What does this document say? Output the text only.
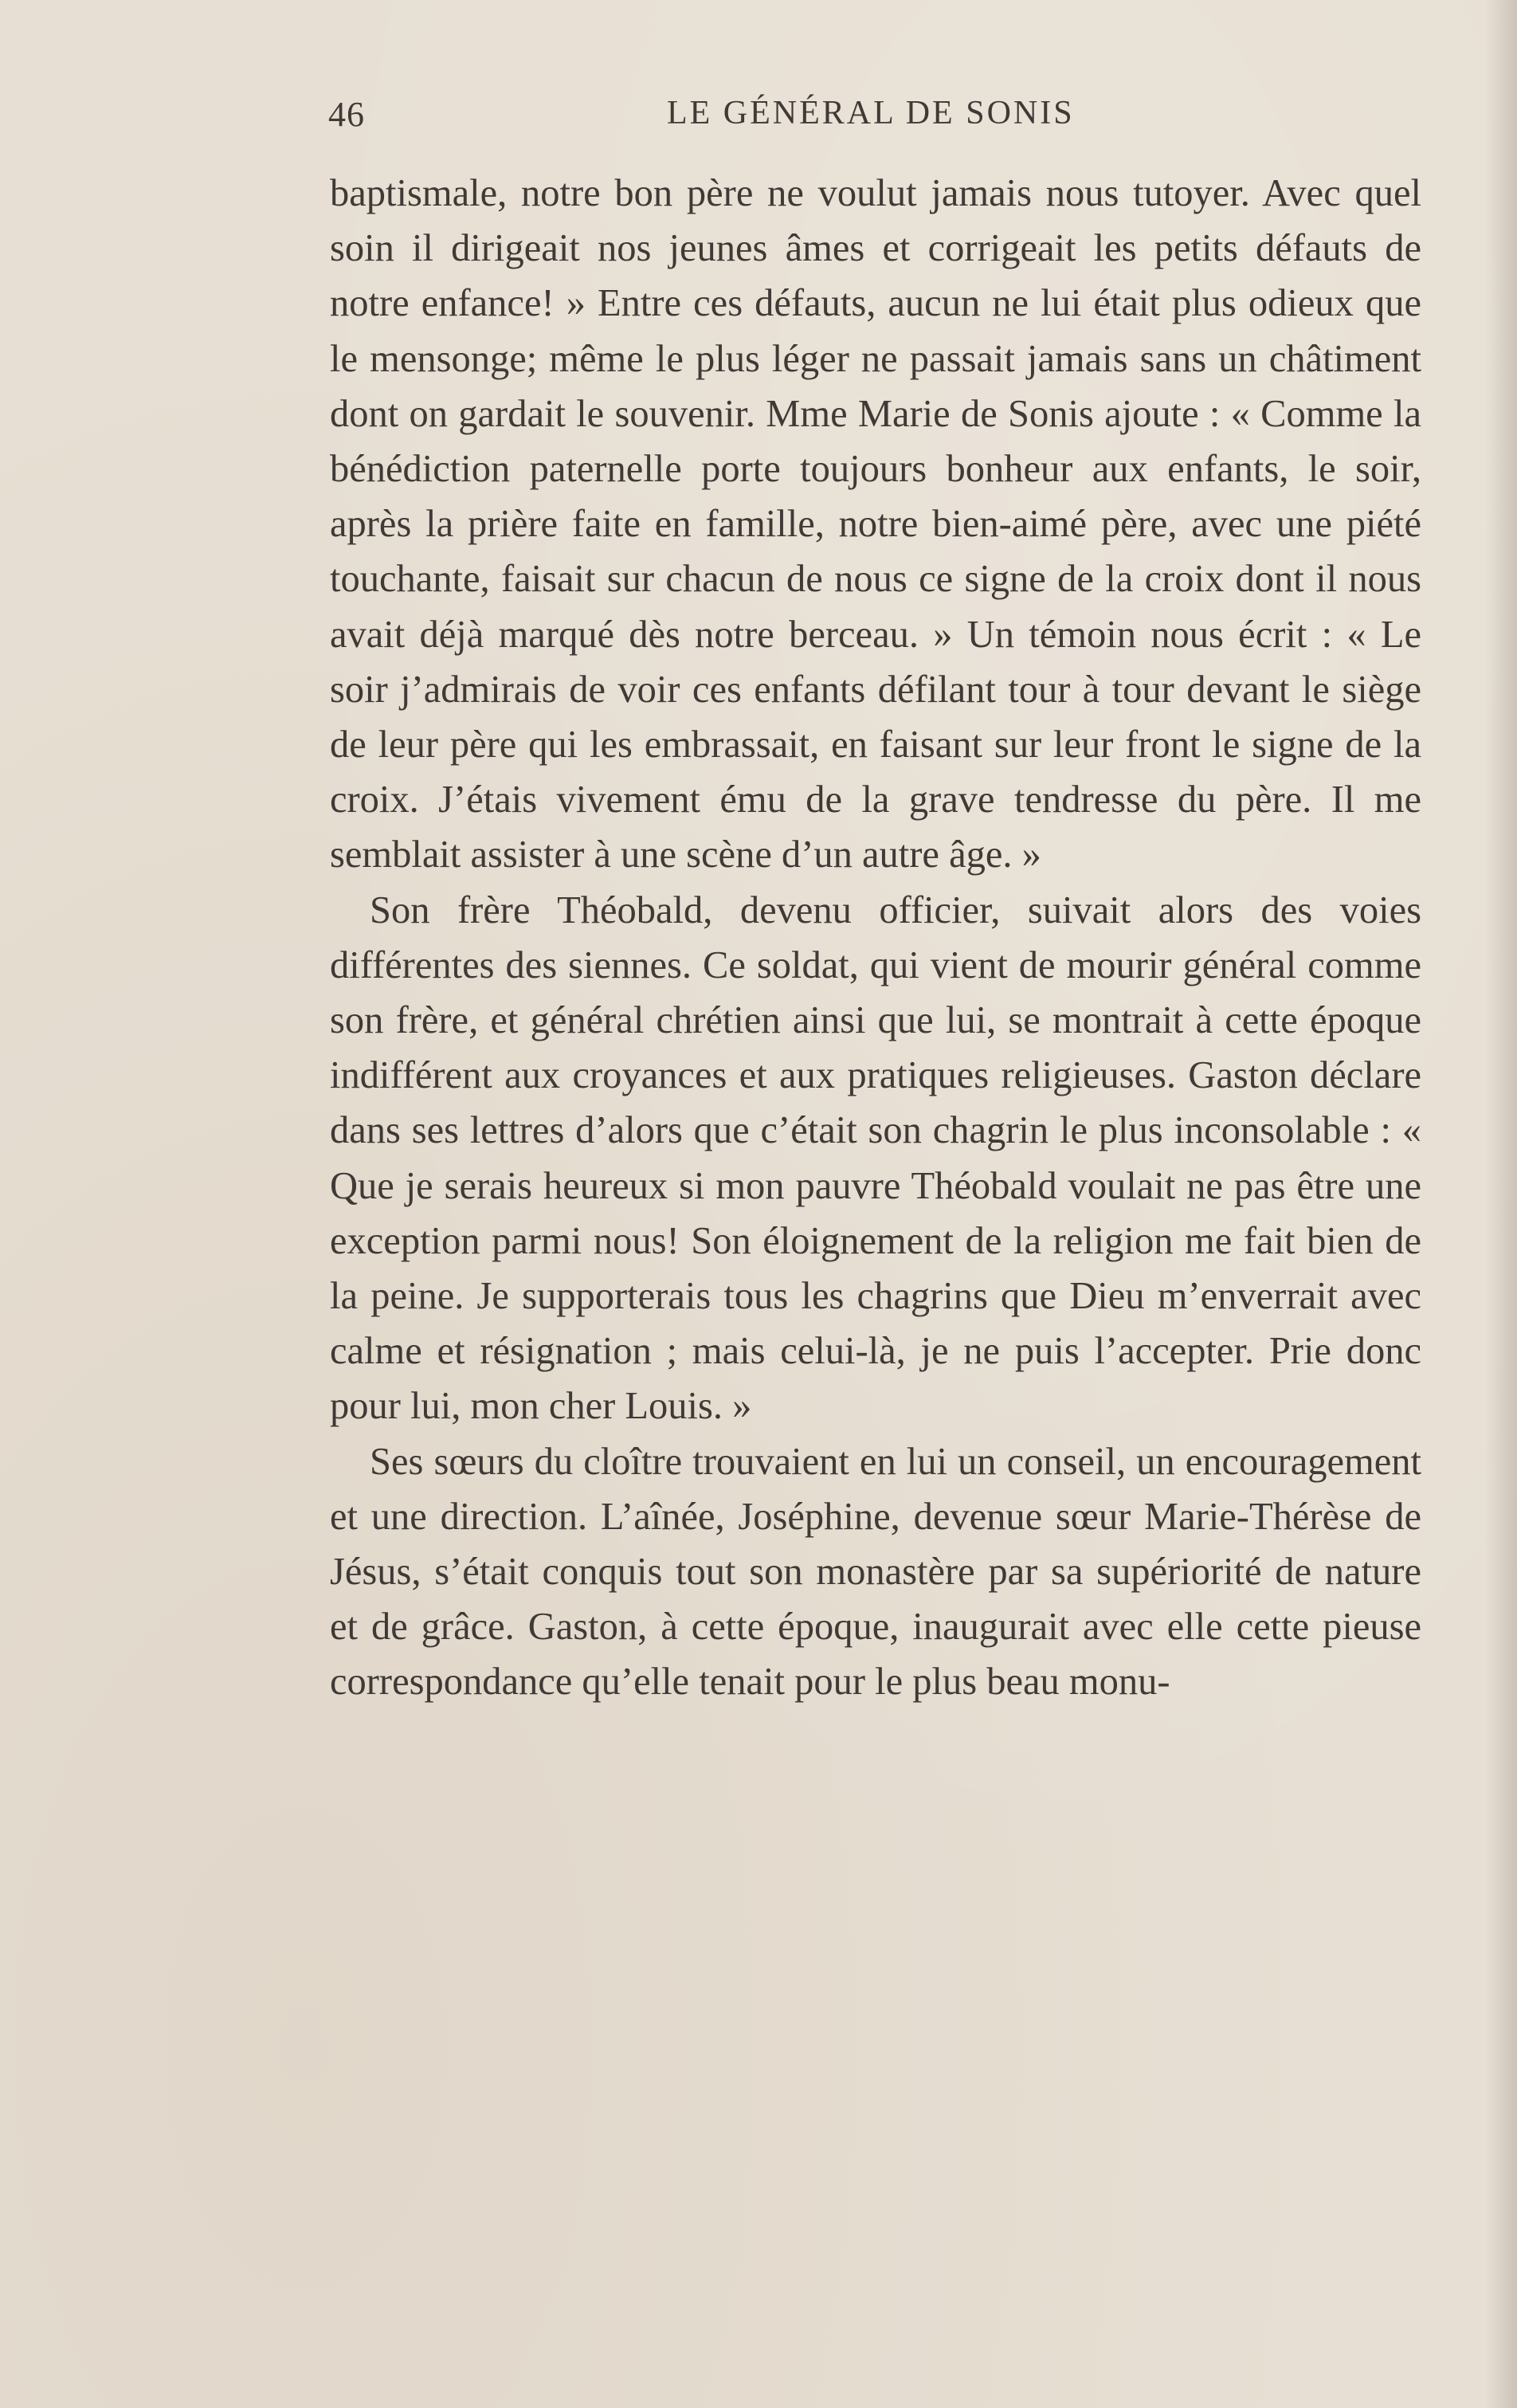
46	LE GÉNÉRAL DE SONIS

baptismale, notre bon père ne voulut jamais nous tutoyer. Avec quel soin il dirigeait nos jeunes âmes et corrigeait les petits défauts de notre enfance! » Entre ces défauts, aucun ne lui était plus odieux que le mensonge; même le plus léger ne passait jamais sans un châtiment dont on gardait le souvenir. Mme Marie de Sonis ajoute : « Comme la bénédiction paternelle porte toujours bonheur aux enfants, le soir, après la prière faite en famille, notre bien-aimé père, avec une piété touchante, faisait sur chacun de nous ce signe de la croix dont il nous avait déjà marqué dès notre berceau. » Un témoin nous écrit : « Le soir j’admirais de voir ces enfants défilant tour à tour devant le siège de leur père qui les embrassait, en faisant sur leur front le signe de la croix. J’étais vivement ému de la grave tendresse du père. Il me semblait assister à une scène d’un autre âge. »

Son frère Théobald, devenu officier, suivait alors des voies différentes des siennes. Ce soldat, qui vient de mourir général comme son frère, et général chrétien ainsi que lui, se montrait à cette époque indifférent aux croyances et aux pratiques religieuses. Gaston déclare dans ses lettres d’alors que c’était son chagrin le plus inconsolable : « Que je serais heureux si mon pauvre Théobald voulait ne pas être une exception parmi nous! Son éloignement de la religion me fait bien de la peine. Je supporterais tous les chagrins que Dieu m’enverrait avec calme et résignation ; mais celui-là, je ne puis l’accepter. Prie donc pour lui, mon cher Louis. »

Ses sœurs du cloître trouvaient en lui un conseil, un encouragement et une direction. L’aînée, Joséphine, devenue sœur Marie-Thérèse de Jésus, s’était conquis tout son monastère par sa supériorité de nature et de grâce. Gaston, à cette époque, inaugurait avec elle cette pieuse correspondance qu’elle tenait pour le plus beau monu-
